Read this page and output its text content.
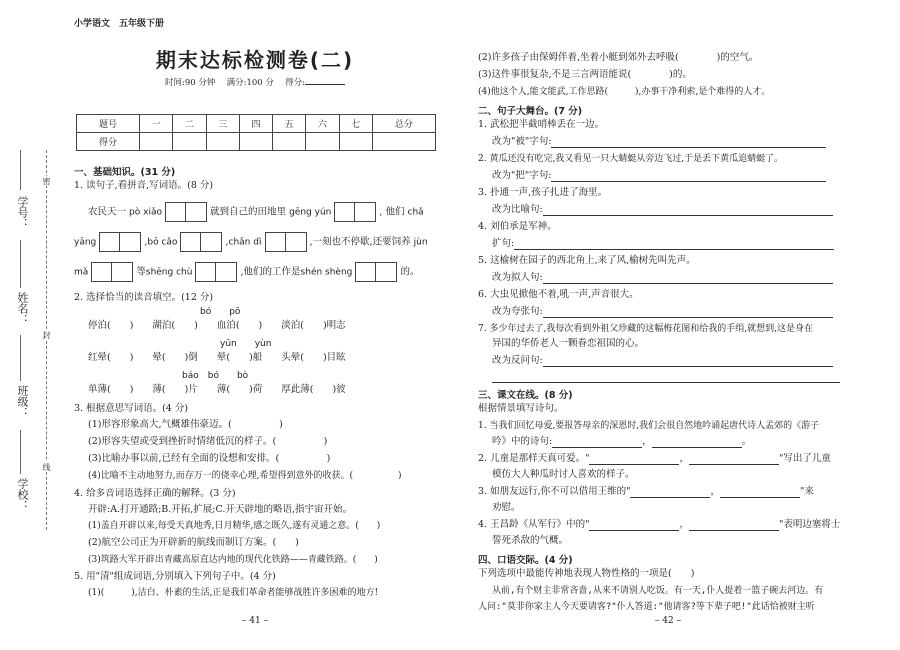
学号：
姓名：
班级：
学校：
密
封
线
小学语文　五年级下册
期末达标检测卷(二)
时间:90 分钟　 满分:100 分　 得分:
题号	一	二	三	四	五	六	七	总分
得分								
一、基础知识。(31 分)
1. 读句子,看拼音,写词语。(8 分)
农民天一 pò xiǎo	就到自己的田地里 gēng yún	, 他们 chǎ
yāng	,bō cǎo	,chǎn dì	,一刻也不停歇,还要饲养 jùn
mǎ	等shēng chù	,他们的工作是shén shèng	的。
2. 选择恰当的读音填空。(12 分)
bó　　pō
停泊(　　)　　湖泊(　　)　　血泊(　　)　　淡泊(　　)明志
yūn　　yùn
红晕(　　)　　晕(　　)倒　　晕(　　)船　　头晕(　　)目眩
báo　bó　　bò
单薄(　　)　　薄(　　)片　　薄(　　)荷　　厚此薄(　　)彼
3. 根据意思写词语。(4 分)
(1)形容形象高大,气概雄伟豪迈。(　　　　　)
(2)形容失望或受到挫折时情绪低沉的样子。(　　　　　)
(3)比喻办事以前,已经有全面的设想和安排。(　　　　　)
(4)比喻不主动地努力,而存万一的侥幸心理,希望得到意外的收获。(　　　　　)
4. 给多音词语选择正确的解释。(3 分)
开辟:A.打开通路;B.开拓,扩展;C.开天辟地的略语,指宇宙开始。
(1)盖自开辟以来,每受天真地秀,日月精华,感之既久,遂有灵通之意。(　　)
(2)航空公司正为开辟新的航线而制订方案。(　　)
(3)筑路大军开辟出青藏高原直达内地的现代化铁路——青藏铁路。(　　)
5. 用"清"组成词语,分别填入下列句子中。(4 分)
(1)(　　　),洁白、朴素的生活,正是我们革命者能够战胜许多困难的地方!
– 41 –
(2)许多孩子由保姆伴着,坐着小艇到郊外去呼吸(　　　　)的空气。
(3)这件事很复杂,不是三言两语能说(　　　　)的。
(4)他这个人,能文能武,工作思路(　　　),办事干净利索,是个难得的人才。
二、句子大舞台。(7 分)
1. 武松把半截哨棒丢在一边。
改为"被"字句:
2. 黄瓜还没有吃完,我又看见一只大蜻蜓从旁边飞过,于是丢下黄瓜追蜻蜓了。
改为"把"字句:
3. 扑通一声,孩子扎进了海里。
改为比喻句:
4. 刘伯承是军神。
扩句:
5. 这榆树在园子的西北角上,来了风,榆树先叫先声。
改为拟人句:
6. 大虫见掀他不着,吼一声,声音很大。
改为夸张句:
7. 多少年过去了,我每次看到外祖父珍藏的这幅梅花图和给我的手绢,就想到,这是身在
异国的华侨老人一颗眷恋祖国的心。
改为反问句:
三、课文在线。(8 分)
根据情景填写诗句。
1. 当我们回忆母爱,要报答母亲的深恩时,我们会很自然地吟诵起唐代诗人孟郊的《游子
吟》中的诗句:	，	。
2. 儿童是那样天真可爱。"	，	"写出了儿童
模仿大人种瓜时讨人喜欢的样子。
3. 如朋友远行,你不可以借用王维的"	，	"来
劝慰。
4. 王昌龄《从军行》中的"	，	"表明边塞将士
誓死杀敌的气概。
四、口语交际。(4 分)
下列选项中最能传神地表现人物性格的一项是(　　)
从前,有个财主非常吝啬,从来不请别人吃饭。有一天,仆人提着一篮子碗去河边。有
人问:"莫非你家主人今天要请客?"仆人答道:"他请客?等下辈子吧!"此话恰被财主听
– 42 –
